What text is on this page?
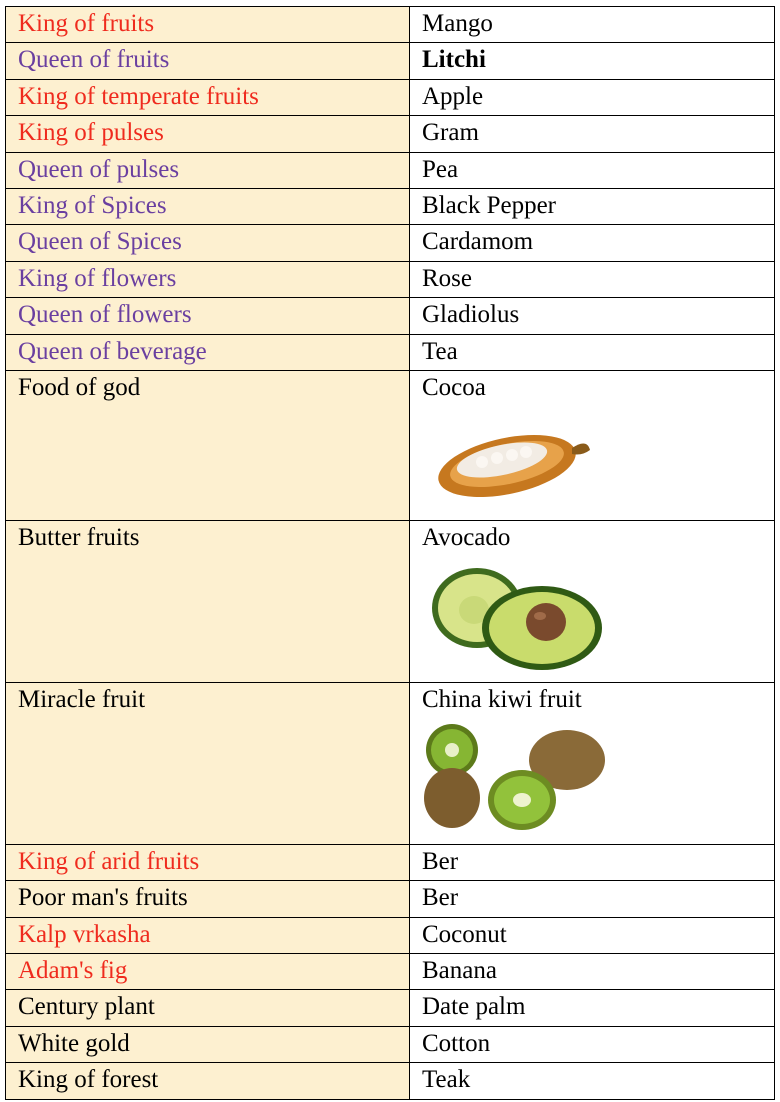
King of fruits	Mango
Queen of fruits	Litchi
King of temperate fruits	Apple
King of pulses	Gram
Queen of pulses	Pea
King of Spices	Black Pepper
Queen of Spices	Cardamom
King of flowers	Rose
Queen of flowers	Gladiolus
Queen of beverage	Tea
Food of god	Cocoa

Butter fruits	Avocado

Miracle fruit	China kiwi fruit

King of arid fruits	Ber
Poor man's fruits	Ber
Kalp vrkasha	Coconut
Adam's fig	Banana
Century plant	Date palm
White gold	Cotton
King of forest	Teak
